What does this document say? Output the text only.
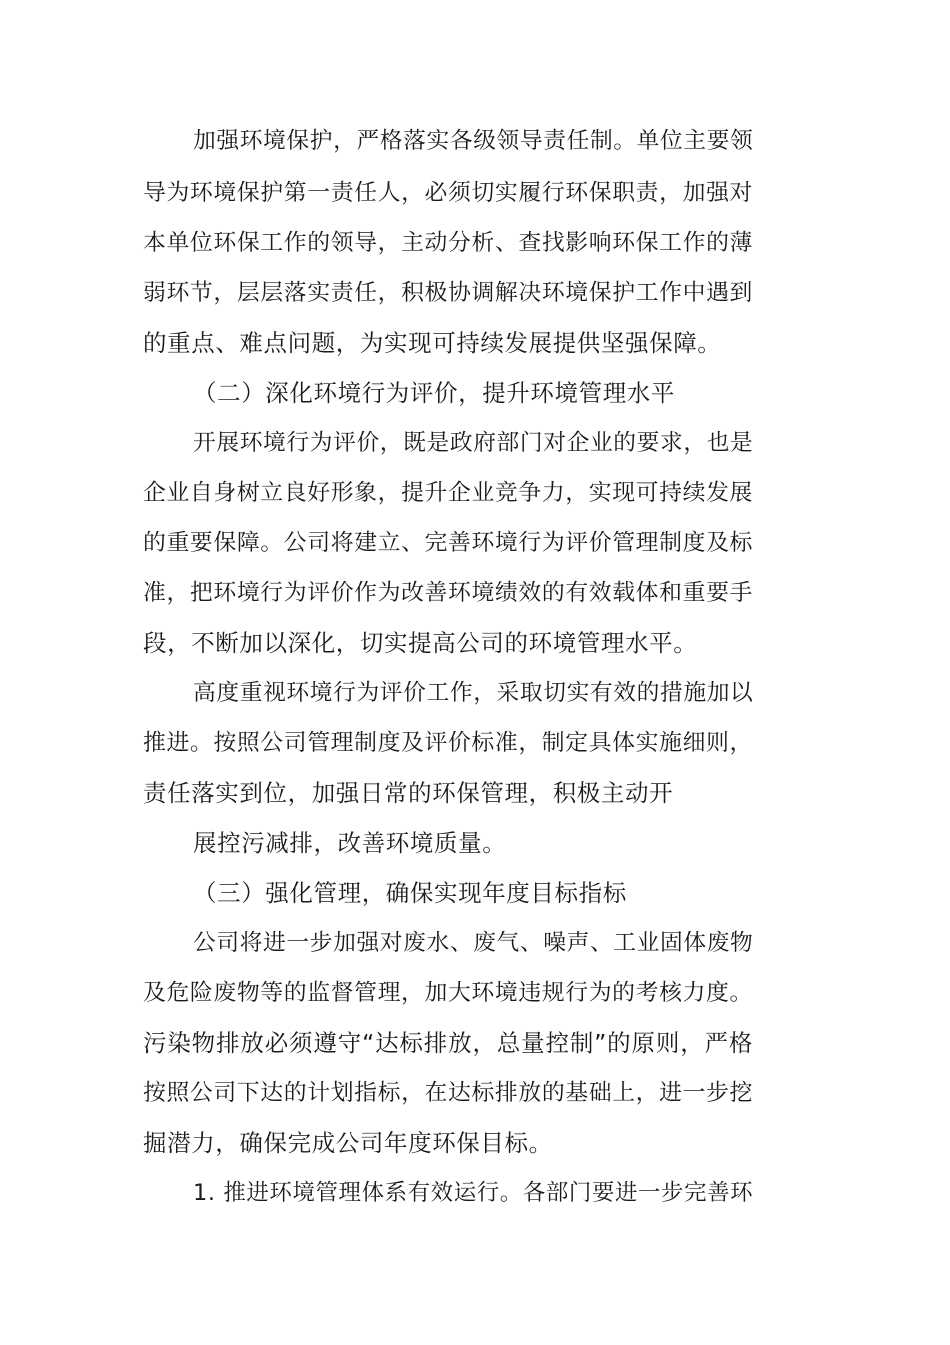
加强环境保护，严格落实各级领导责任制。单位主要领
导为环境保护第一责任人，必须切实履行环保职责，加强对
本单位环保工作的领导，主动分析、查找影响环保工作的薄
弱环节，层层落实责任，积极协调解决环境保护工作中遇到
的重点、难点问题，为实现可持续发展提供坚强保障。
（二）深化环境行为评价，提升环境管理水平
开展环境行为评价，既是政府部门对企业的要求，也是
企业自身树立良好形象，提升企业竞争力，实现可持续发展
的重要保障。公司将建立、完善环境行为评价管理制度及标
准，把环境行为评价作为改善环境绩效的有效载体和重要手
段，不断加以深化，切实提高公司的环境管理水平。
高度重视环境行为评价工作，采取切实有效的措施加以
推进。按照公司管理制度及评价标准，制定具体实施细则，
责任落实到位，加强日常的环保管理，积极主动开
展控污减排，改善环境质量。
（三）强化管理，确保实现年度目标指标
公司将进一步加强对废水、废气、噪声、工业固体废物
及危险废物等的监督管理，加大环境违规行为的考核力度。
污染物排放必须遵守“达标排放，总量控制”的原则，严格
按照公司下达的计划指标，在达标排放的基础上，进一步挖
掘潜力，确保完成公司年度环保目标。
1. 推进环境管理体系有效运行。各部门要进一步完善环
